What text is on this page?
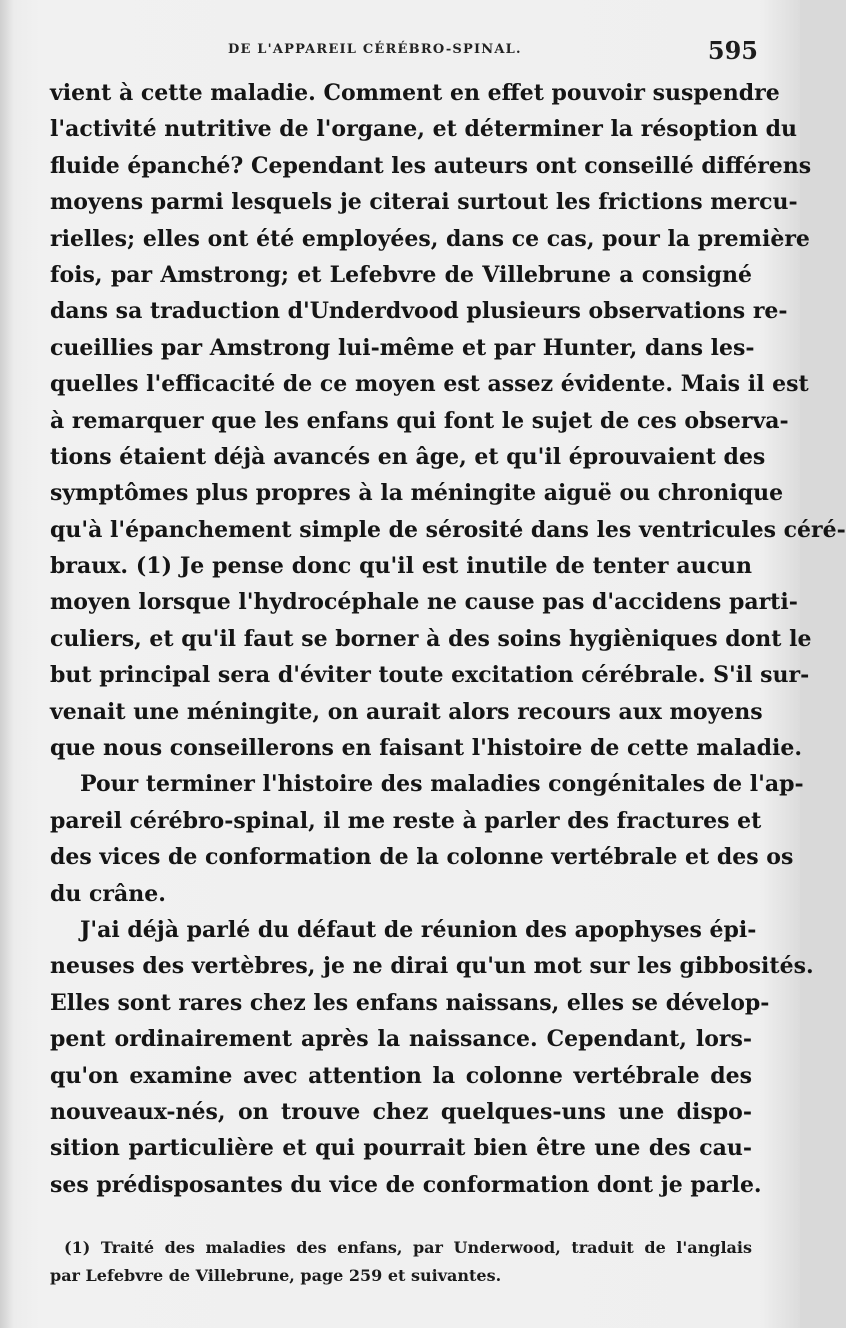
DE L'APPAREIL CÉRÉBRO-SPINAL.	595
vient à cette maladie. Comment en effet pouvoir suspendre
l'activité nutritive de l'organe, et déterminer la résoption du
fluide épanché? Cependant les auteurs ont conseillé différens
moyens parmi lesquels je citerai surtout les frictions mercu-
rielles; elles ont été employées, dans ce cas, pour la première
fois, par Amstrong; et Lefebvre de Villebrune a consigné
dans sa traduction d'Underdvood plusieurs observations re-
cueillies par Amstrong lui-même et par Hunter, dans les-
quelles l'efficacité de ce moyen est assez évidente. Mais il est
à remarquer que les enfans qui font le sujet de ces observa-
tions étaient déjà avancés en âge, et qu'il éprouvaient des
symptômes plus propres à la méningite aiguë ou chronique
qu'à l'épanchement simple de sérosité dans les ventricules céré-
braux. (1) Je pense donc qu'il est inutile de tenter aucun
moyen lorsque l'hydrocéphale ne cause pas d'accidens parti-
culiers, et qu'il faut se borner à des soins hygièniques dont le
but principal sera d'éviter toute excitation cérébrale. S'il sur-
venait une méningite, on aurait alors recours aux moyens
que nous conseillerons en faisant l'histoire de cette maladie.
Pour terminer l'histoire des maladies congénitales de l'ap-
pareil cérébro-spinal, il me reste à parler des fractures et
des vices de conformation de la colonne vertébrale et des os
du crâne.
J'ai déjà parlé du défaut de réunion des apophyses épi-
neuses des vertèbres, je ne dirai qu'un mot sur les gibbosités.
Elles sont rares chez les enfans naissans, elles se dévelop-
pent ordinairement après la naissance. Cependant, lors-
qu'on examine avec attention la colonne vertébrale des
nouveaux-nés, on trouve chez quelques-uns une dispo-
sition particulière et qui pourrait bien être une des cau-
ses prédisposantes du vice de conformation dont je parle.
(1) Traité des maladies des enfans, par Underwood, traduit de l'anglais
par Lefebvre de Villebrune, page 259 et suivantes.
